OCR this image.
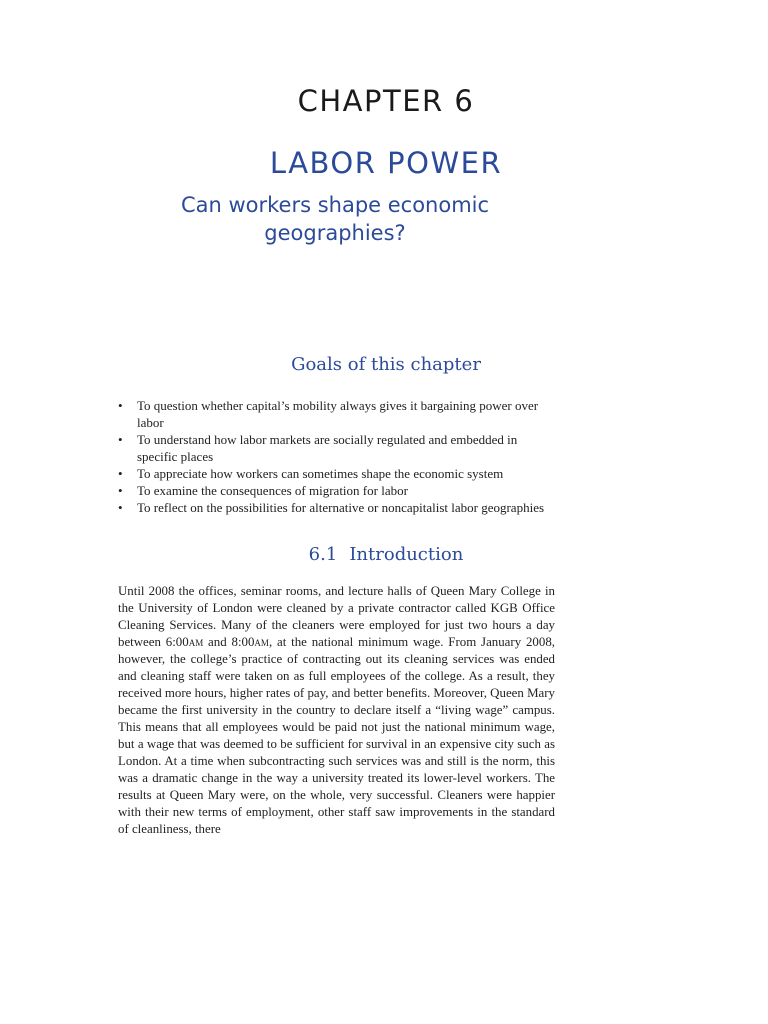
CHAPTER 6
LABOR POWER
Can workers shape economic geographies?
Goals of this chapter
• To question whether capital’s mobility always gives it bargaining power over labor
• To understand how labor markets are socially regulated and embedded in specific places
• To appreciate how workers can sometimes shape the economic system
• To examine the consequences of migration for labor
• To reflect on the possibilities for alternative or noncapitalist labor geographies
6.1 Introduction

Until 2008 the offices, seminar rooms, and lecture halls of Queen Mary College in the University of London were cleaned by a private contractor called KGB Office Cleaning Services. Many of the cleaners were employed for just two hours a day between 6:00am and 8:00am, at the national minimum wage. From January 2008, however, the college’s practice of contracting out its cleaning services was ended and cleaning staff were taken on as full employees of the college. As a result, they received more hours, higher rates of pay, and better benefits. Moreover, Queen Mary became the first university in the country to declare itself a “living wage” campus. This means that all employees would be paid not just the national minimum wage, but a wage that was deemed to be sufficient for survival in an expensive city such as London. At a time when subcontracting such services was and still is the norm, this was a dramatic change in the way a university treated its lower-level workers. The results at Queen Mary were, on the whole, very successful. Cleaners were happier with their new terms of employment, other staff saw improvements in the standard of cleanliness, there
